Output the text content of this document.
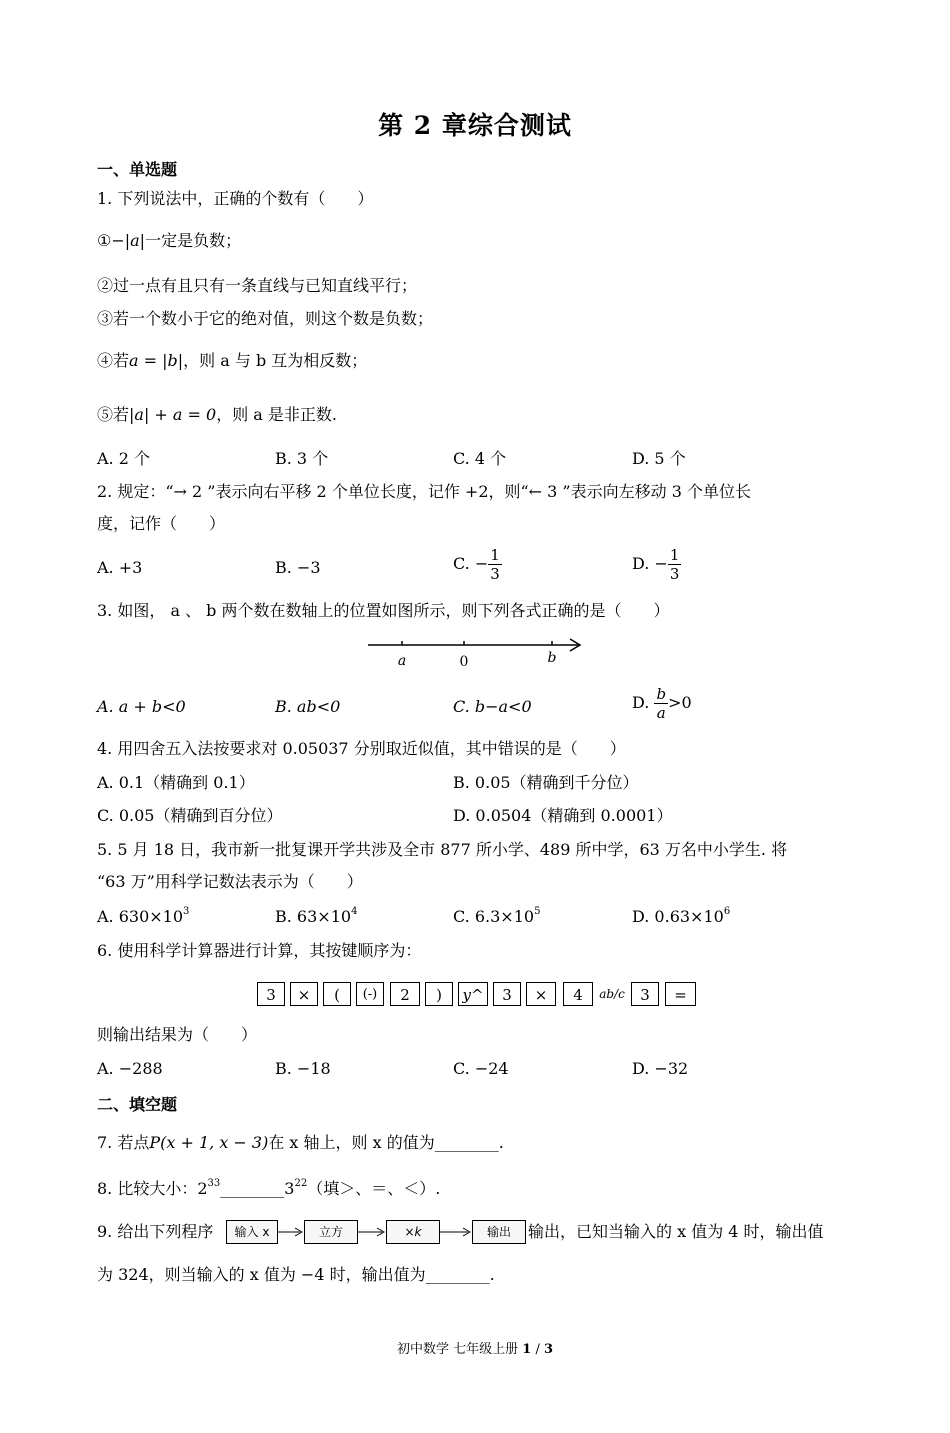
第 2 章综合测试
一、单选题
1. 下列说法中，正确的个数有（　　）
①−|a|一定是负数；
②过一点有且只有一条直线与已知直线平行；
③若一个数小于它的绝对值，则这个数是负数；
④若a = |b|，则 a 与 b 互为相反数；
⑤若|a| + a = 0，则 a 是非正数.
A. 2 个	B. 3 个	C. 4 个	D. 5 个
2. 规定：“→ 2 ”表示向右平移 2 个单位长度，记作 +2，则“← 3 ”表示向左移动 3 个单位长
度，记作（　　）
A. +3	B. −3	C. − $\frac{1}{3}$	D. − $\frac{1}{3}$
3. 如图， a 、 b 两个数在数轴上的位置如图所示，则下列各式正确的是（　　）
a	0	b
A. a + b<0	B. ab<0	C. b−a<0	D. $\frac{b}{a} >0$
4. 用四舍五入法按要求对 0.05037 分别取近似值，其中错误的是（　　）
A. 0.1（精确到 0.1）	B. 0.05（精确到千分位）
C. 0.05（精确到百分位）	D. 0.0504（精确到 0.0001）
5. 5 月 18 日，我市新一批复课开学共涉及全市 877 所小学、489 所中学，63 万名中小学生. 将
“63 万”用科学记数法表示为（　　）
A. $630\times 10^3$	B. $63\times 10^4$	C. $6.3\times 10^5$	D. $0.63\times 10^6$
6. 使用科学计算器进行计算，其按键顺序为：
3	×	(	(-)	2	)	y^	3	×	4	ab/c	3	=
则输出结果为（　　）
A. −288	B. −18	C. −24	D. −32
二、填空题
7. 若点P(x + 1, x − 3)在 x 轴上，则 x 的值为________.
8. 比较大小：$2^{33}\_\_\_\_\_\_\_\_3^{22}$（填＞、＝、＜）.
9. 给出下列程序	输入 x	立方	×k	输出	输出，已知当输入的 x 值为 4 时，输出值
为 324，则当输入的 x 值为 −4 时，输出值为________.
初中数学 七年级上册 1 / 3
